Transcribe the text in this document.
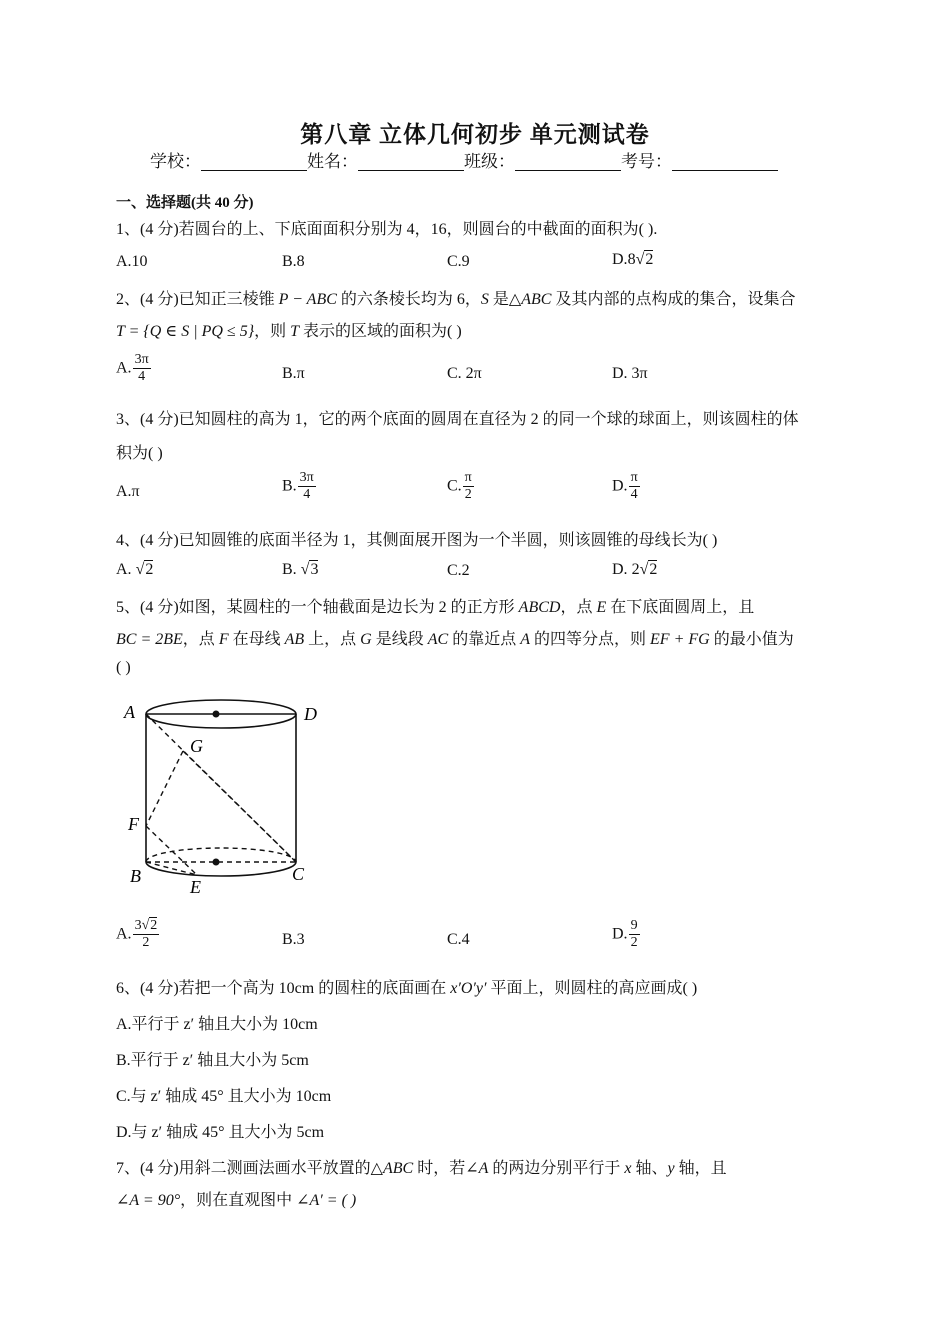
第八章 立体几何初步 单元测试卷
学校：	姓名：	班级：	考号：
一、选择题(共 40 分)
1、(4 分)若圆台的上、下底面面积分别为 4，16，则圆台的中截面的面积为( ).
A.10	B.8	C.9	D.8√2
2、(4 分)已知正三棱锥 P − ABC 的六条棱长均为 6，S 是△ABC 及其内部的点构成的集合，设集合
T = {Q ∈ S | PQ ≤ 5}，则 T 表示的区域的面积为( )
A. $\frac{3\pi}{4}$	B.π	C. 2π	D. 3π
3、(4 分)已知圆柱的高为 1，它的两个底面的圆周在直径为 2 的同一个球的球面上，则该圆柱的体
积为( )
A.π	B. $\frac{3\pi}{4}$	C. $\frac{\pi}{2}$	D. $\frac{\pi}{4}$
4、(4 分)已知圆锥的底面半径为 1，其侧面展开图为一个半圆，则该圆锥的母线长为( )
A. √2	B. √3	C.2	D. 2√2
5、(4 分)如图，某圆柱的一个轴截面是边长为 2 的正方形 ABCD，点 E 在下底面圆周上，且
BC = 2BE，点 F 在母线 AB 上，点 G 是线段 AC 的靠近点 A 的四等分点，则 EF + FG 的最小值为
( )
A	D
G
F
B
E
C
A. $\frac{3√2}{2}$	B.3	C.4	D. $\frac{9}{2}$
6、(4 分)若把一个高为 10cm 的圆柱的底面画在 x′O′y′ 平面上，则圆柱的高应画成( )
A.平行于 z′ 轴且大小为 10cm
B.平行于 z′ 轴且大小为 5cm
C.与 z′ 轴成 45° 且大小为 10cm
D.与 z′ 轴成 45° 且大小为 5cm
7、(4 分)用斜二测画法画水平放置的△ABC 时，若∠A 的两边分别平行于 x 轴、y 轴，且
∠A = 90°，则在直观图中 ∠A′ = ( )
